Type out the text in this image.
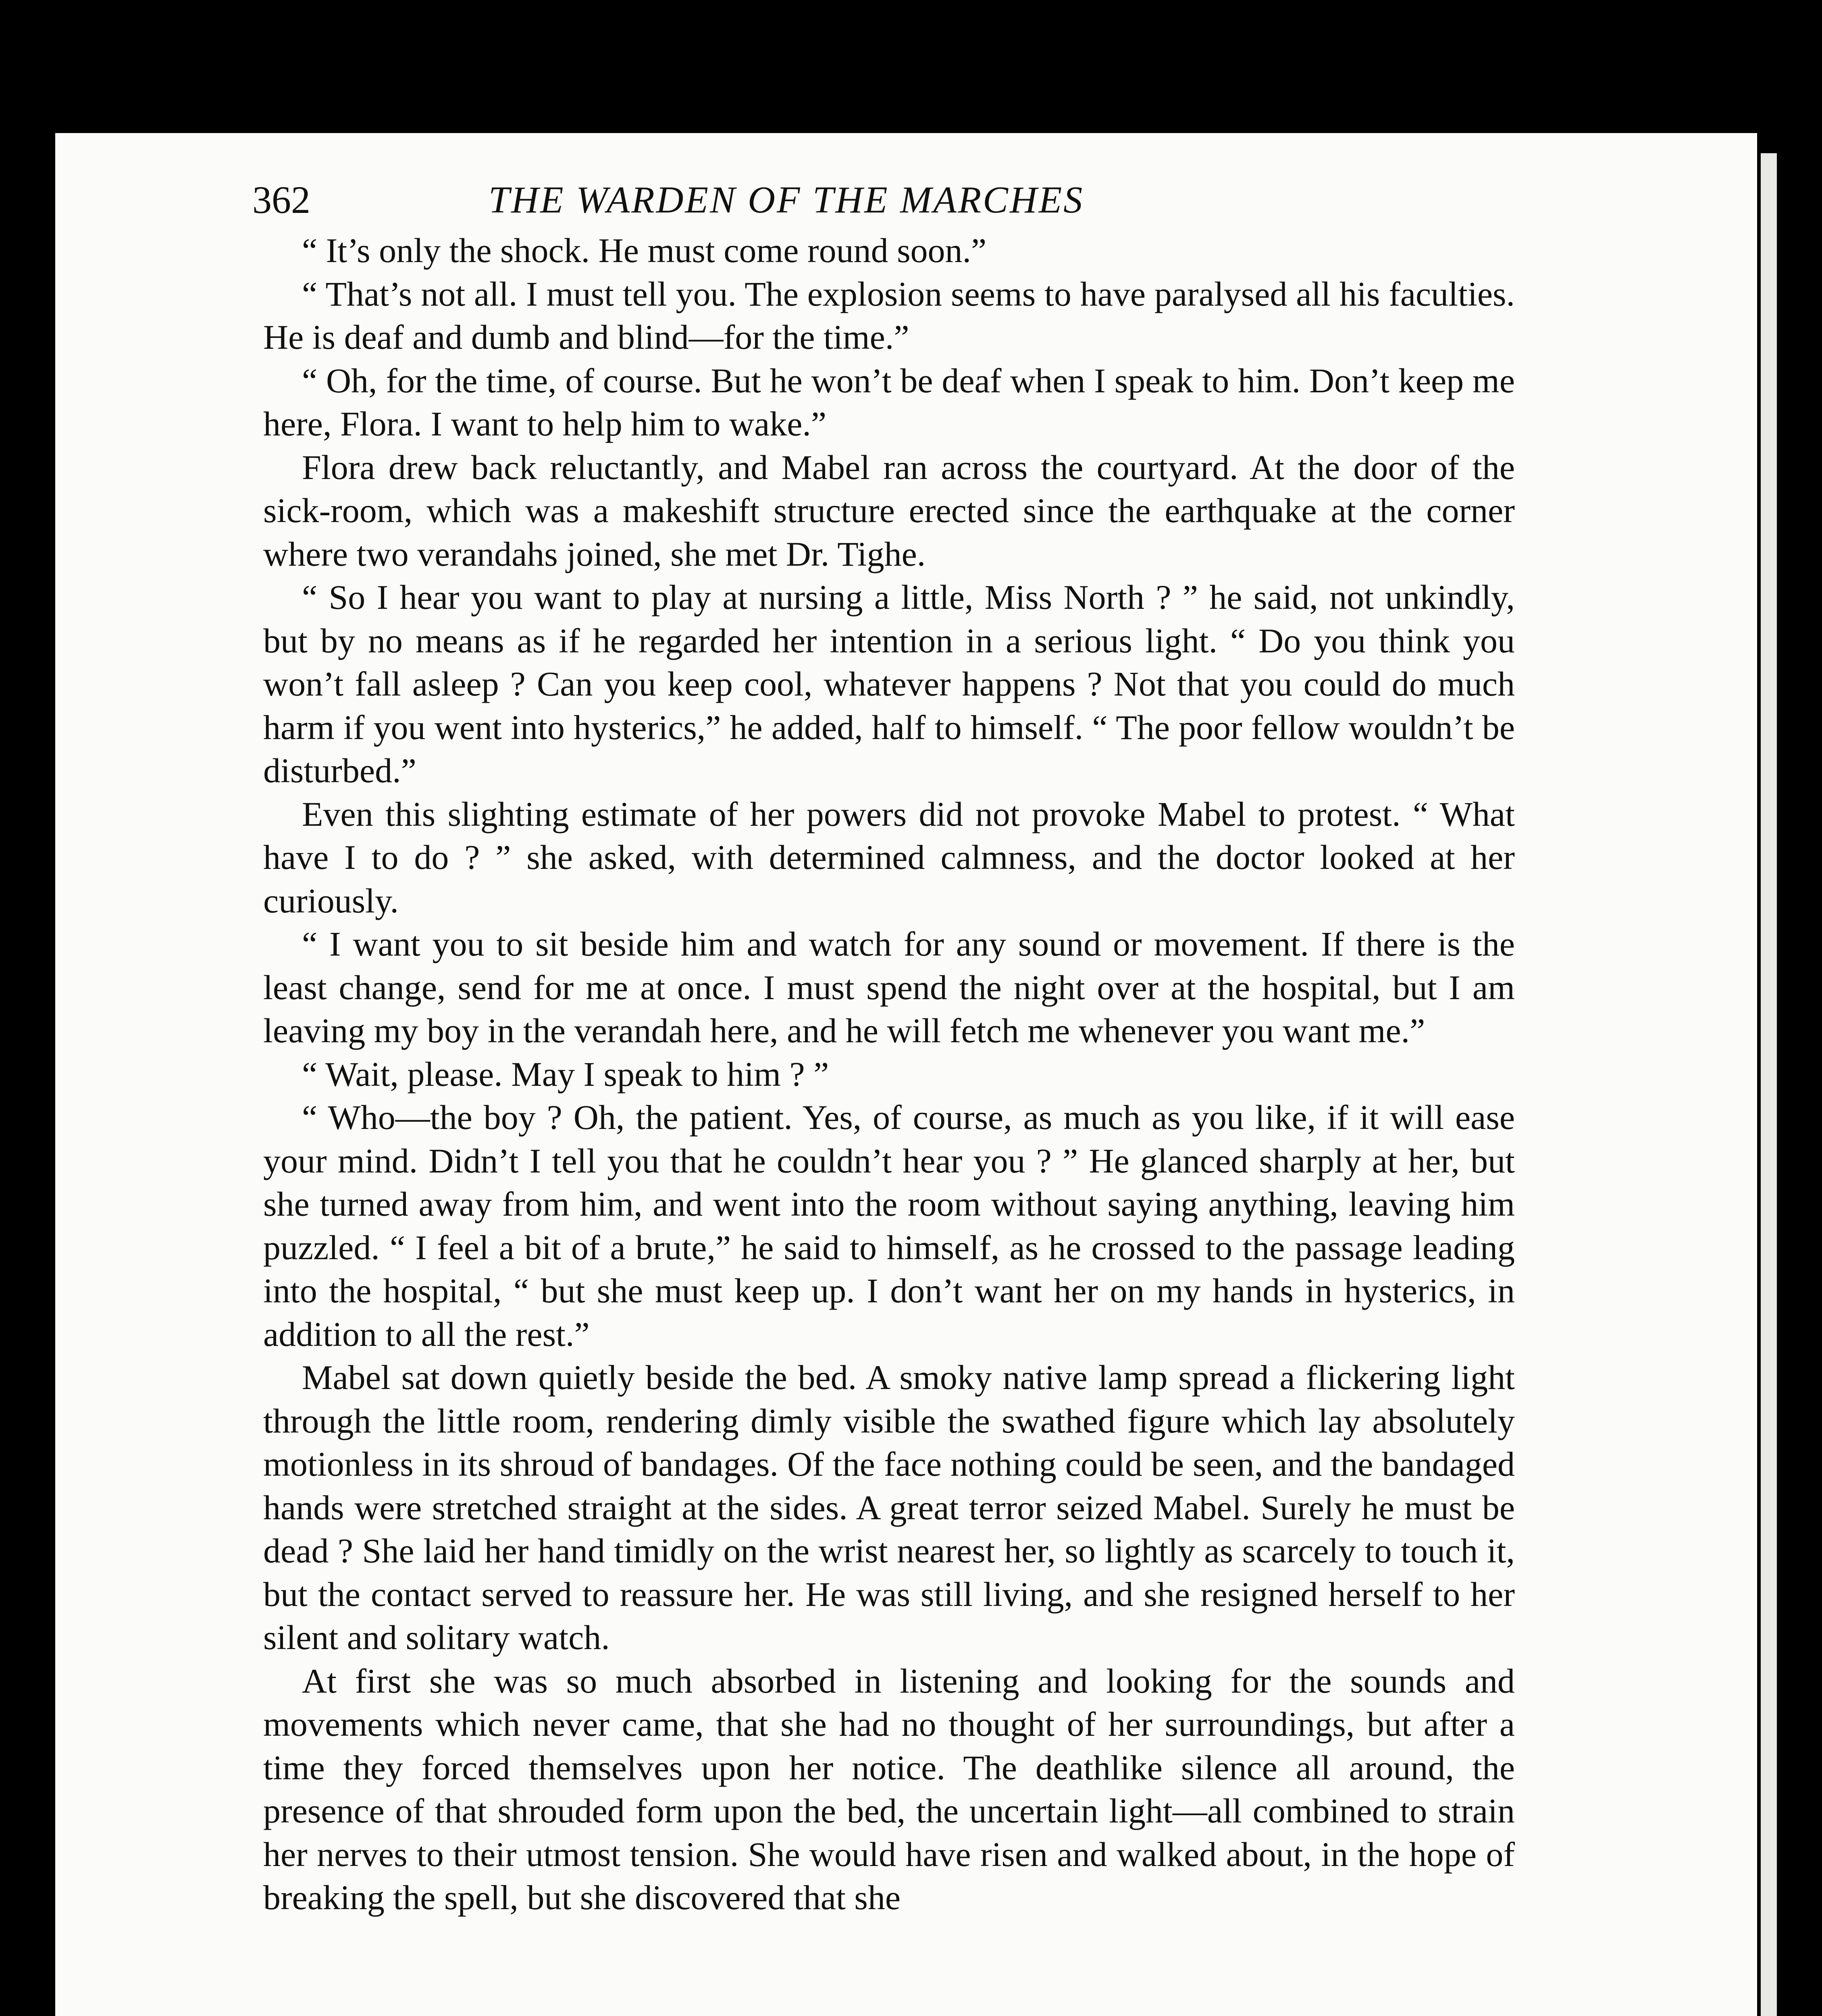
362	THE WARDEN OF THE MARCHES

“ It’s only the shock. He must come round soon.”

“ That’s not all. I must tell you. The explosion seems to have paralysed all his faculties. He is deaf and dumb and blind—for the time.”

“ Oh, for the time, of course. But he won’t be deaf when I speak to him. Don’t keep me here, Flora. I want to help him to wake.”

Flora drew back reluctantly, and Mabel ran across the courtyard. At the door of the sick-room, which was a makeshift structure erected since the earthquake at the corner where two verandahs joined, she met Dr. Tighe.

“ So I hear you want to play at nursing a little, Miss North ? ” he said, not unkindly, but by no means as if he regarded her intention in a serious light. “ Do you think you won’t fall asleep ? Can you keep cool, whatever happens ? Not that you could do much harm if you went into hysterics,” he added, half to himself. “ The poor fellow wouldn’t be disturbed.”

Even this slighting estimate of her powers did not provoke Mabel to protest. “ What have I to do ? ” she asked, with determined calmness, and the doctor looked at her curiously.

“ I want you to sit beside him and watch for any sound or movement. If there is the least change, send for me at once. I must spend the night over at the hospital, but I am leaving my boy in the verandah here, and he will fetch me whenever you want me.”

“ Wait, please. May I speak to him ? ”

“ Who—the boy ? Oh, the patient. Yes, of course, as much as you like, if it will ease your mind. Didn’t I tell you that he couldn’t hear you ? ” He glanced sharply at her, but she turned away from him, and went into the room without saying anything, leaving him puzzled. “ I feel a bit of a brute,” he said to himself, as he crossed to the passage leading into the hospital, “ but she must keep up. I don’t want her on my hands in hysterics, in addition to all the rest.”

Mabel sat down quietly beside the bed. A smoky native lamp spread a flickering light through the little room, rendering dimly visible the swathed figure which lay absolutely motionless in its shroud of bandages. Of the face nothing could be seen, and the bandaged hands were stretched straight at the sides. A great terror seized Mabel. Surely he must be dead ? She laid her hand timidly on the wrist nearest her, so lightly as scarcely to touch it, but the contact served to reassure her. He was still living, and she resigned herself to her silent and solitary watch.

At first she was so much absorbed in listening and looking for the sounds and movements which never came, that she had no thought of her surroundings, but after a time they forced themselves upon her notice. The deathlike silence all around, the presence of that shrouded form upon the bed, the uncertain light—all combined to strain her nerves to their utmost tension. She would have risen and walked about, in the hope of breaking the spell, but she discovered that she
